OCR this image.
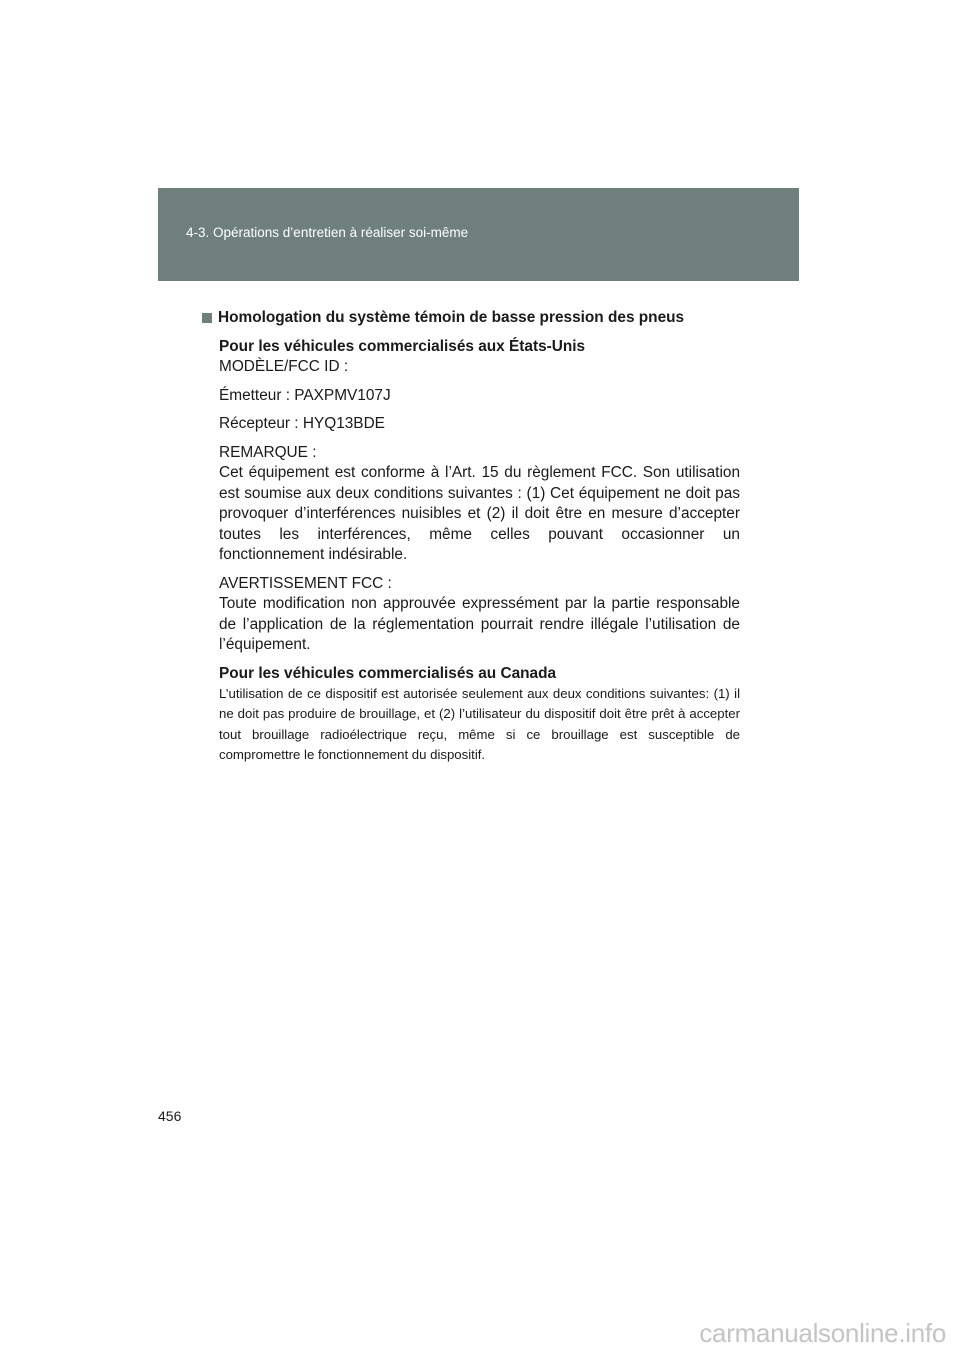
4-3. Opérations d’entretien à réaliser soi-même
Homologation du système témoin de basse pression des pneus
Pour les véhicules commercialisés aux États-Unis
MODÈLE/FCC ID :
Émetteur : PAXPMV107J
Récepteur : HYQ13BDE
REMARQUE :
Cet équipement est conforme à l’Art. 15 du règlement FCC. Son utilisation est soumise aux deux conditions suivantes : (1) Cet équipement ne doit pas provoquer d’interférences nuisibles et (2) il doit être en mesure d’accepter toutes les interférences, même celles pouvant occasionner un fonctionnement indésirable.
AVERTISSEMENT FCC :
Toute modification non approuvée expressément par la partie responsable de l’application de la réglementation pourrait rendre illégale l’utilisation de l’équipement.
Pour les véhicules commercialisés au Canada
L’utilisation de ce dispositif est autorisée seulement aux deux conditions suivantes: (1) il ne doit pas produire de brouillage, et (2) l’utilisateur du dispositif doit être prêt à accepter tout brouillage radioélectrique reçu, même si ce brouillage est susceptible de compromettre le fonctionnement du dispositif.
456
carmanualsonline.info
